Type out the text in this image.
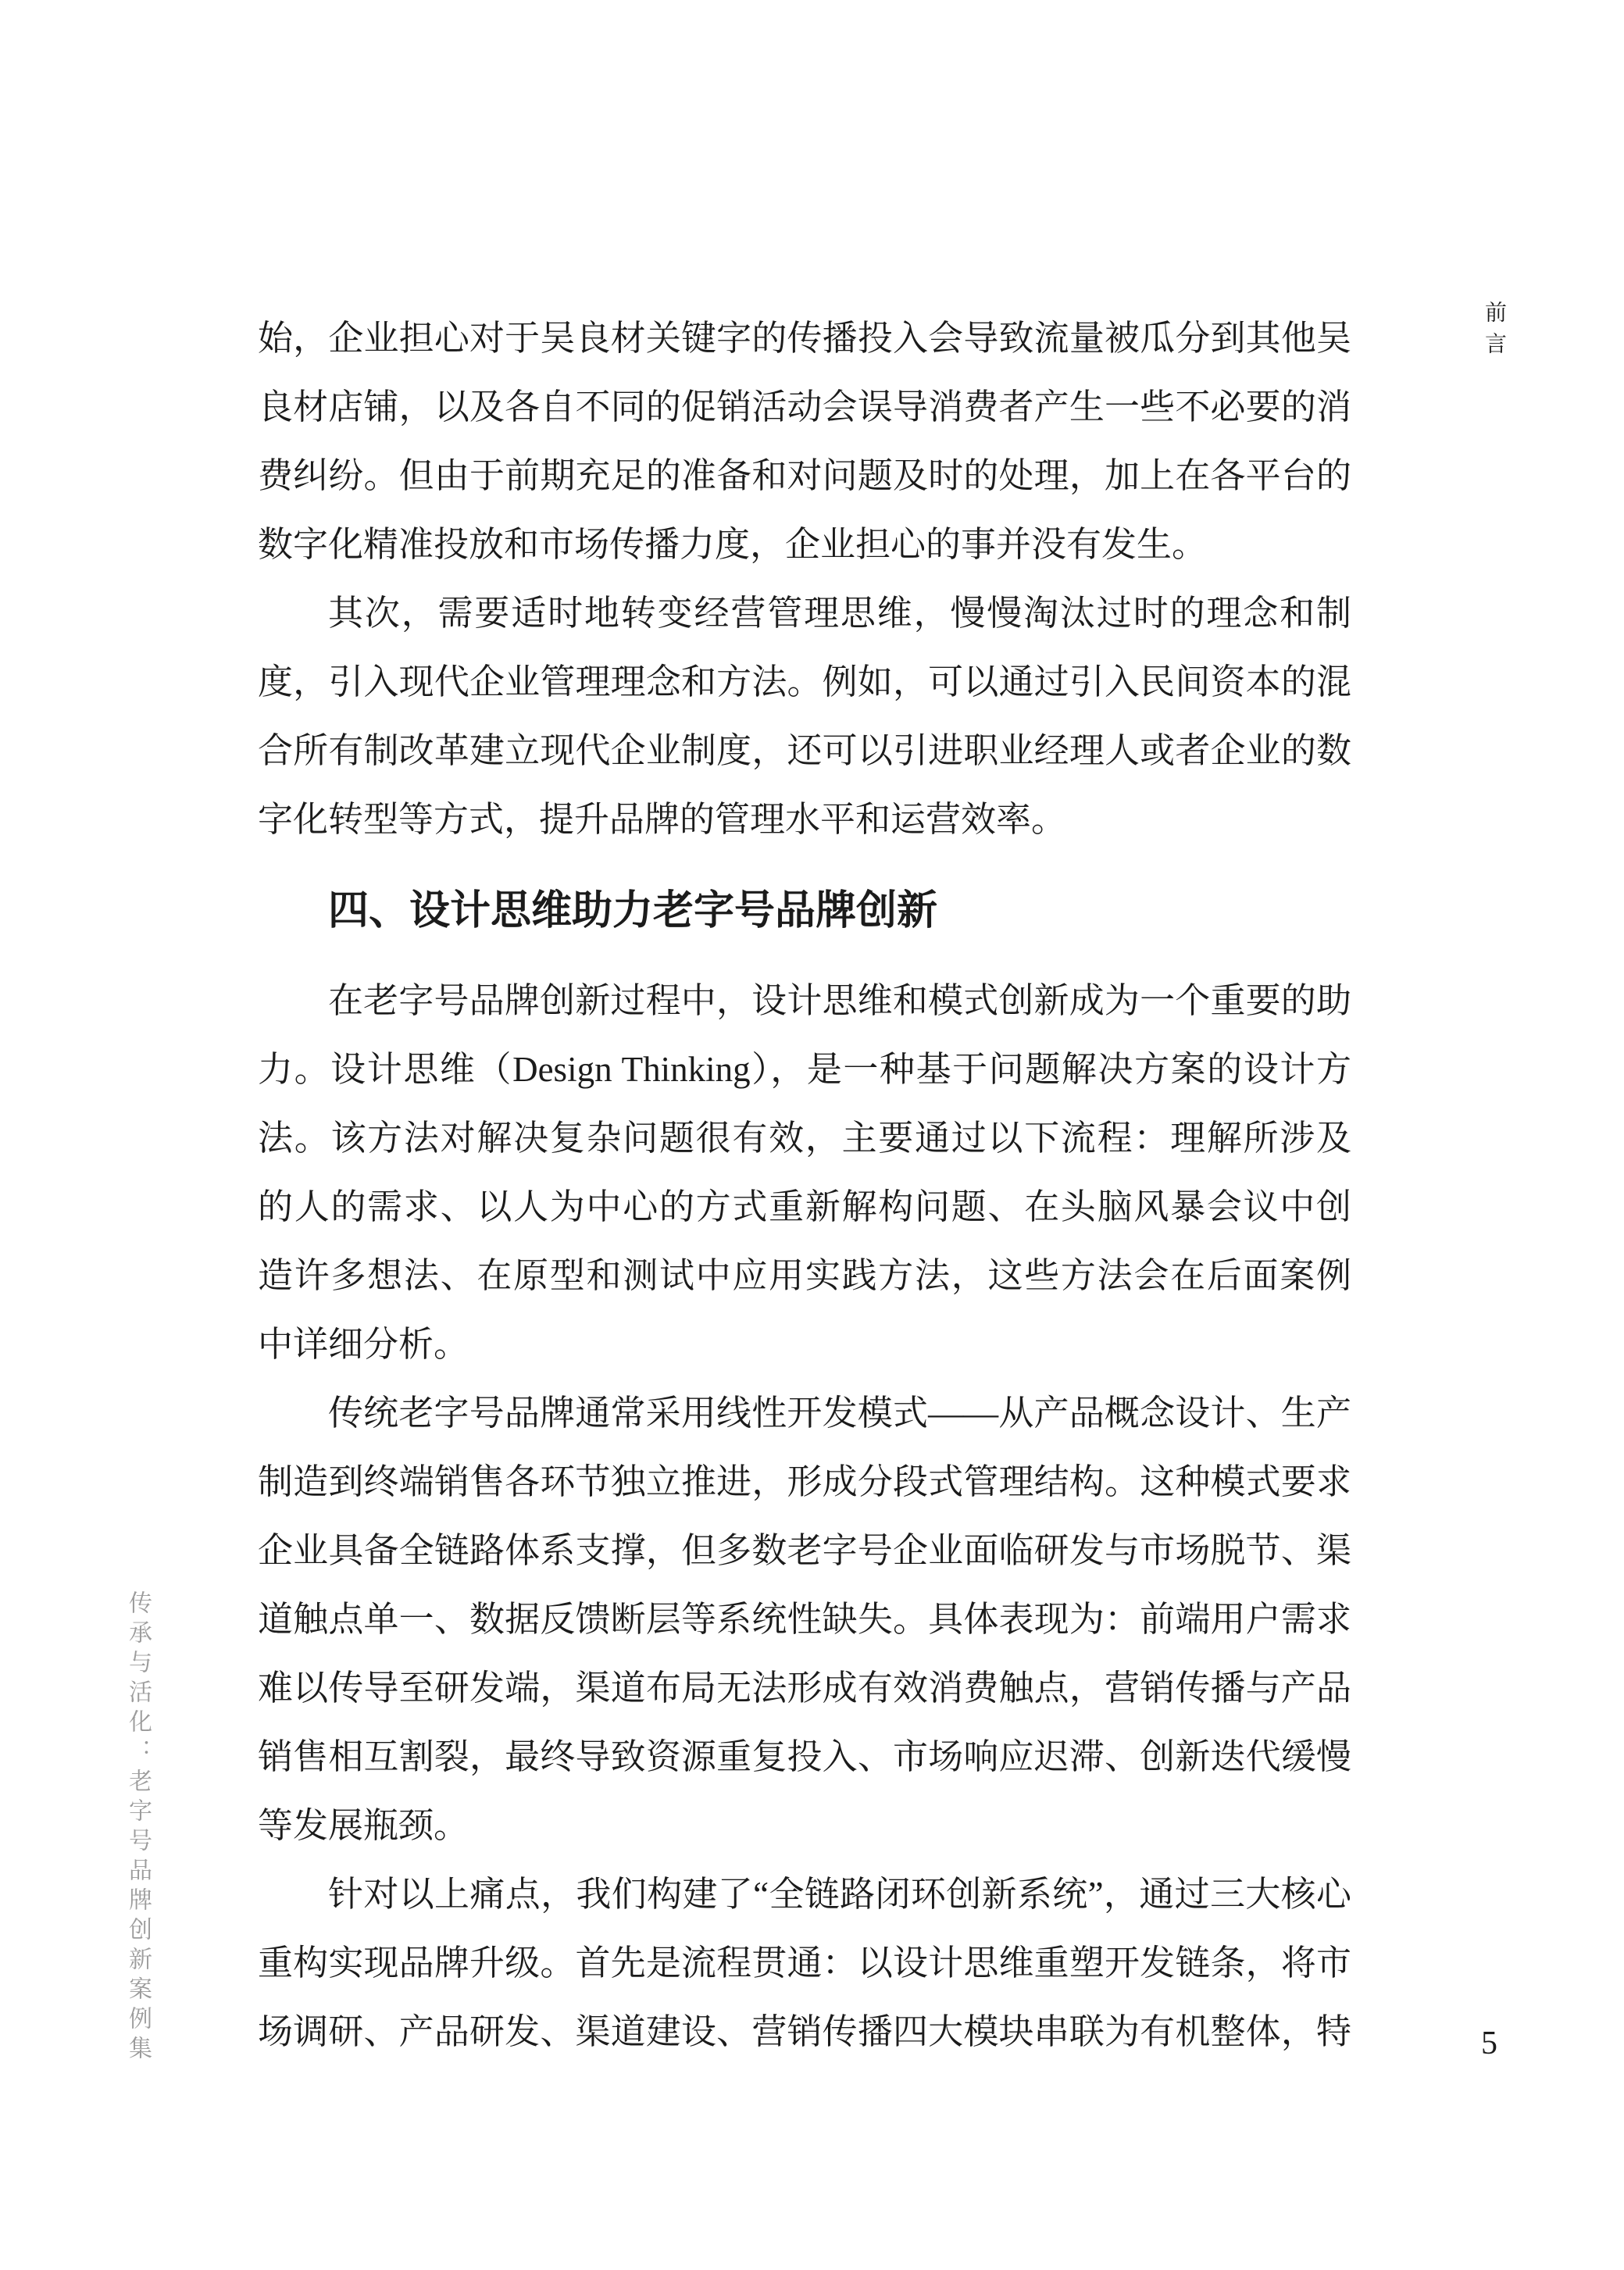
前言
传承与活化：老字号品牌创新案例集	5
始，企业担心对于吴良材关键字的传播投入会导致流量被瓜分到其他吴
良材店铺，以及各自不同的促销活动会误导消费者产生一些不必要的消
费纠纷。但由于前期充足的准备和对问题及时的处理，加上在各平台的
数字化精准投放和市场传播力度，企业担心的事并没有发生。
其次，需要适时地转变经营管理思维，慢慢淘汰过时的理念和制
度，引入现代企业管理理念和方法。例如，可以通过引入民间资本的混
合所有制改革建立现代企业制度，还可以引进职业经理人或者企业的数
字化转型等方式，提升品牌的管理水平和运营效率。
四、设计思维助力老字号品牌创新
在老字号品牌创新过程中，设计思维和模式创新成为一个重要的助
力。设计思维（Design Thinking），是一种基于问题解决方案的设计方
法。该方法对解决复杂问题很有效，主要通过以下流程：理解所涉及
的人的需求、以人为中心的方式重新解构问题、在头脑风暴会议中创
造许多想法、在原型和测试中应用实践方法，这些方法会在后面案例
中详细分析。
传统老字号品牌通常采用线性开发模式——从产品概念设计、生产
制造到终端销售各环节独立推进，形成分段式管理结构。这种模式要求
企业具备全链路体系支撑，但多数老字号企业面临研发与市场脱节、渠
道触点单一、数据反馈断层等系统性缺失。具体表现为：前端用户需求
难以传导至研发端，渠道布局无法形成有效消费触点，营销传播与产品
销售相互割裂，最终导致资源重复投入、市场响应迟滞、创新迭代缓慢
等发展瓶颈。
针对以上痛点，我们构建了“全链路闭环创新系统”，通过三大核心
重构实现品牌升级。首先是流程贯通：以设计思维重塑开发链条，将市
场调研、产品研发、渠道建设、营销传播四大模块串联为有机整体，特
